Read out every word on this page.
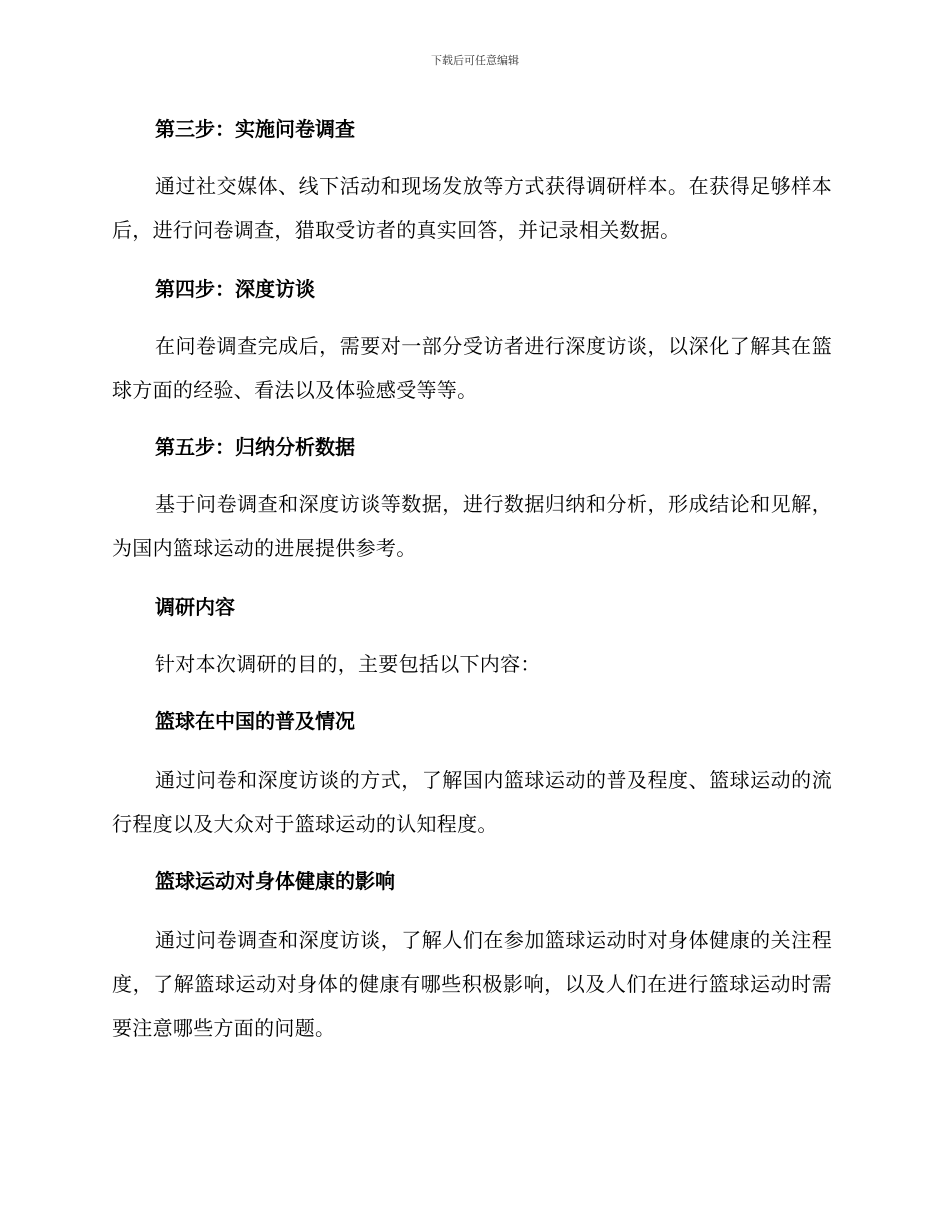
下载后可任意编辑
第三步：实施问卷调查
通过社交媒体、线下活动和现场发放等方式获得调研样本。在获得足够样本后，进行问卷调查，猎取受访者的真实回答，并记录相关数据。
第四步：深度访谈
在问卷调查完成后，需要对一部分受访者进行深度访谈，以深化了解其在篮球方面的经验、看法以及体验感受等等。
第五步：归纳分析数据
基于问卷调查和深度访谈等数据，进行数据归纳和分析，形成结论和见解，为国内篮球运动的进展提供参考。
调研内容
针对本次调研的目的，主要包括以下内容：
篮球在中国的普及情况
通过问卷和深度访谈的方式，了解国内篮球运动的普及程度、篮球运动的流行程度以及大众对于篮球运动的认知程度。
篮球运动对身体健康的影响
通过问卷调查和深度访谈，了解人们在参加篮球运动时对身体健康的关注程度，了解篮球运动对身体的健康有哪些积极影响，以及人们在进行篮球运动时需要注意哪些方面的问题。
